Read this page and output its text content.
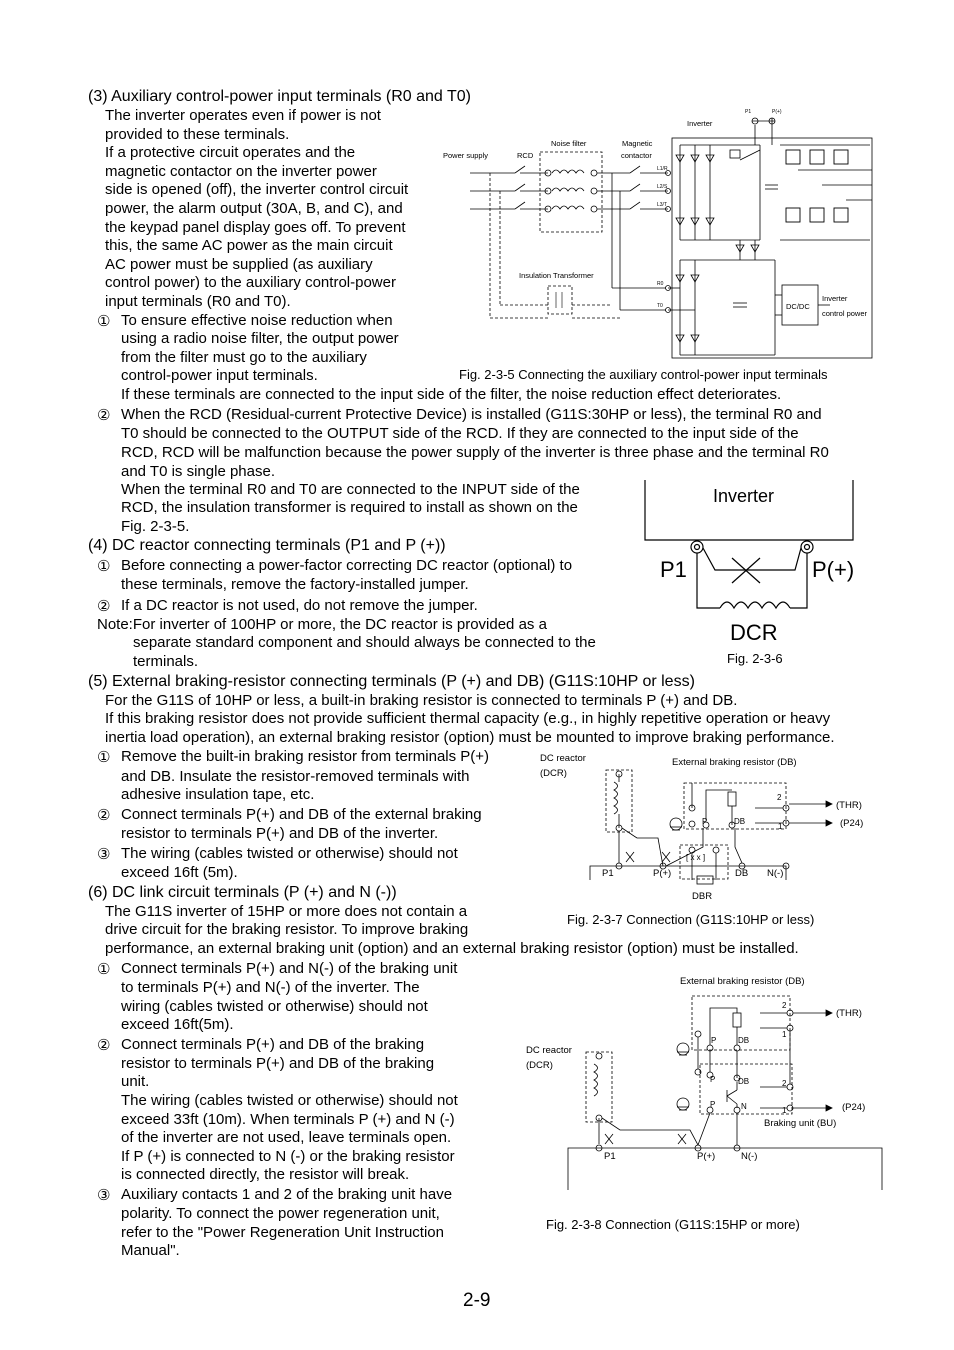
(3) Auxiliary control-power input terminals (R0 and T0)
The inverter operates even if power is not
provided to these terminals.
If a protective circuit operates and the
magnetic contactor on the inverter power
side is opened (off), the inverter control circuit
power, the alarm output (30A, B, and C), and
the keypad panel display goes off. To prevent
this, the same AC power as the main circuit
AC power must be supplied (as auxiliary
control power) to the auxiliary control-power
input terminals (R0 and T0).
① To ensure effective noise reduction when
using a radio noise filter, the output power
from the filter must go to the auxiliary
control-power input terminals.
If these terminals are connected to the input side of the filter, the noise reduction effect deteriorates.
② When the RCD (Residual-current Protective Device) is installed (G11S:30HP or less), the terminal R0 and
T0 should be connected to the OUTPUT side of the RCD. If they are connected to the input side of the
RCD, RCD will be malfunction because the power supply of the inverter is three phase and the terminal R0
and T0 is single phase.
When the terminal R0 and T0 are connected to the INPUT side of the
RCD, the insulation transformer is required to install as shown on the
Fig. 2-3-5.
Power supply	RCD
Noise filter	Magnetic
contactor
Inverter
Insulation Transformer
DC/DC
Inverter
control power
P1	P(+)
L1/R
L2/S
L3/T
R0
T0
Fig. 2-3-5 Connecting the auxiliary control-power input terminals
(4) DC reactor connecting terminals (P1 and P (+))
① Before connecting a power-factor correcting DC reactor (optional) to
these terminals, remove the factory-installed jumper.
② If a DC reactor is not used, do not remove the jumper.
Note:For inverter of 100HP or more, the DC reactor is provided as a
separate standard component and should always be connected to the
terminals.
Inverter
P1	P(+)
DCR
Fig. 2-3-6
(5) External braking-resistor connecting terminals (P (+) and DB) (G11S:10HP or less)
For the G11S of 10HP or less, a built-in braking resistor is connected to terminals P (+) and DB.
If this braking resistor does not provide sufficient thermal capacity (e.g., in highly repetitive operation or heavy
inertia load operation), an external braking resistor (option) must be mounted to improve braking performance.
① Remove the built-in braking resistor from terminals P(+)
and DB. Insulate the resistor-removed terminals with
adhesive insulation tape, etc.
② Connect terminals P(+) and DB of the external braking
resistor to terminals P(+) and DB of the inverter.
③ The wiring (cables twisted or otherwise) should not
exceed 16ft (5m).
DC reactor
(DCR)
External braking resistor (DB)
(THR)
(P24)
P1	P(+)	DB N(-)
DBR
P	DB
2
1
[ x x ]
Fig. 2-3-7 Connection (G11S:10HP or less)
(6) DC link circuit terminals (P (+) and N (-))
The G11S inverter of 15HP or more does not contain a
drive circuit for the braking resistor. To improve braking
performance, an external braking unit (option) and an external braking resistor (option) must be installed.
① Connect terminals P(+) and N(-) of the braking unit
to terminals P(+) and N(-) of the inverter. The
wiring (cables twisted or otherwise) should not
exceed 16ft(5m).
② Connect terminals P(+) and DB of the braking
resistor to terminals P(+) and DB of the braking
unit.
The wiring (cables twisted or otherwise) should not
exceed 33ft (10m). When terminals P (+) and N (-)
of the inverter are not used, leave terminals open.
If P (+) is connected to N (-) or the braking resistor
is connected directly, the resistor will break.
③ Auxiliary contacts 1 and 2 of the braking unit have
polarity. To connect the power regeneration unit,
refer to the "Power Regeneration Unit Instruction
Manual".
External braking resistor (DB)
(THR)
DC reactor
(DCR)
(P24)
Braking unit (BU)
P1	P(+)	N(-)
P	DB
2
1
P	DB	2
P	N	1
Fig. 2-3-8 Connection (G11S:15HP or more)
2-9
